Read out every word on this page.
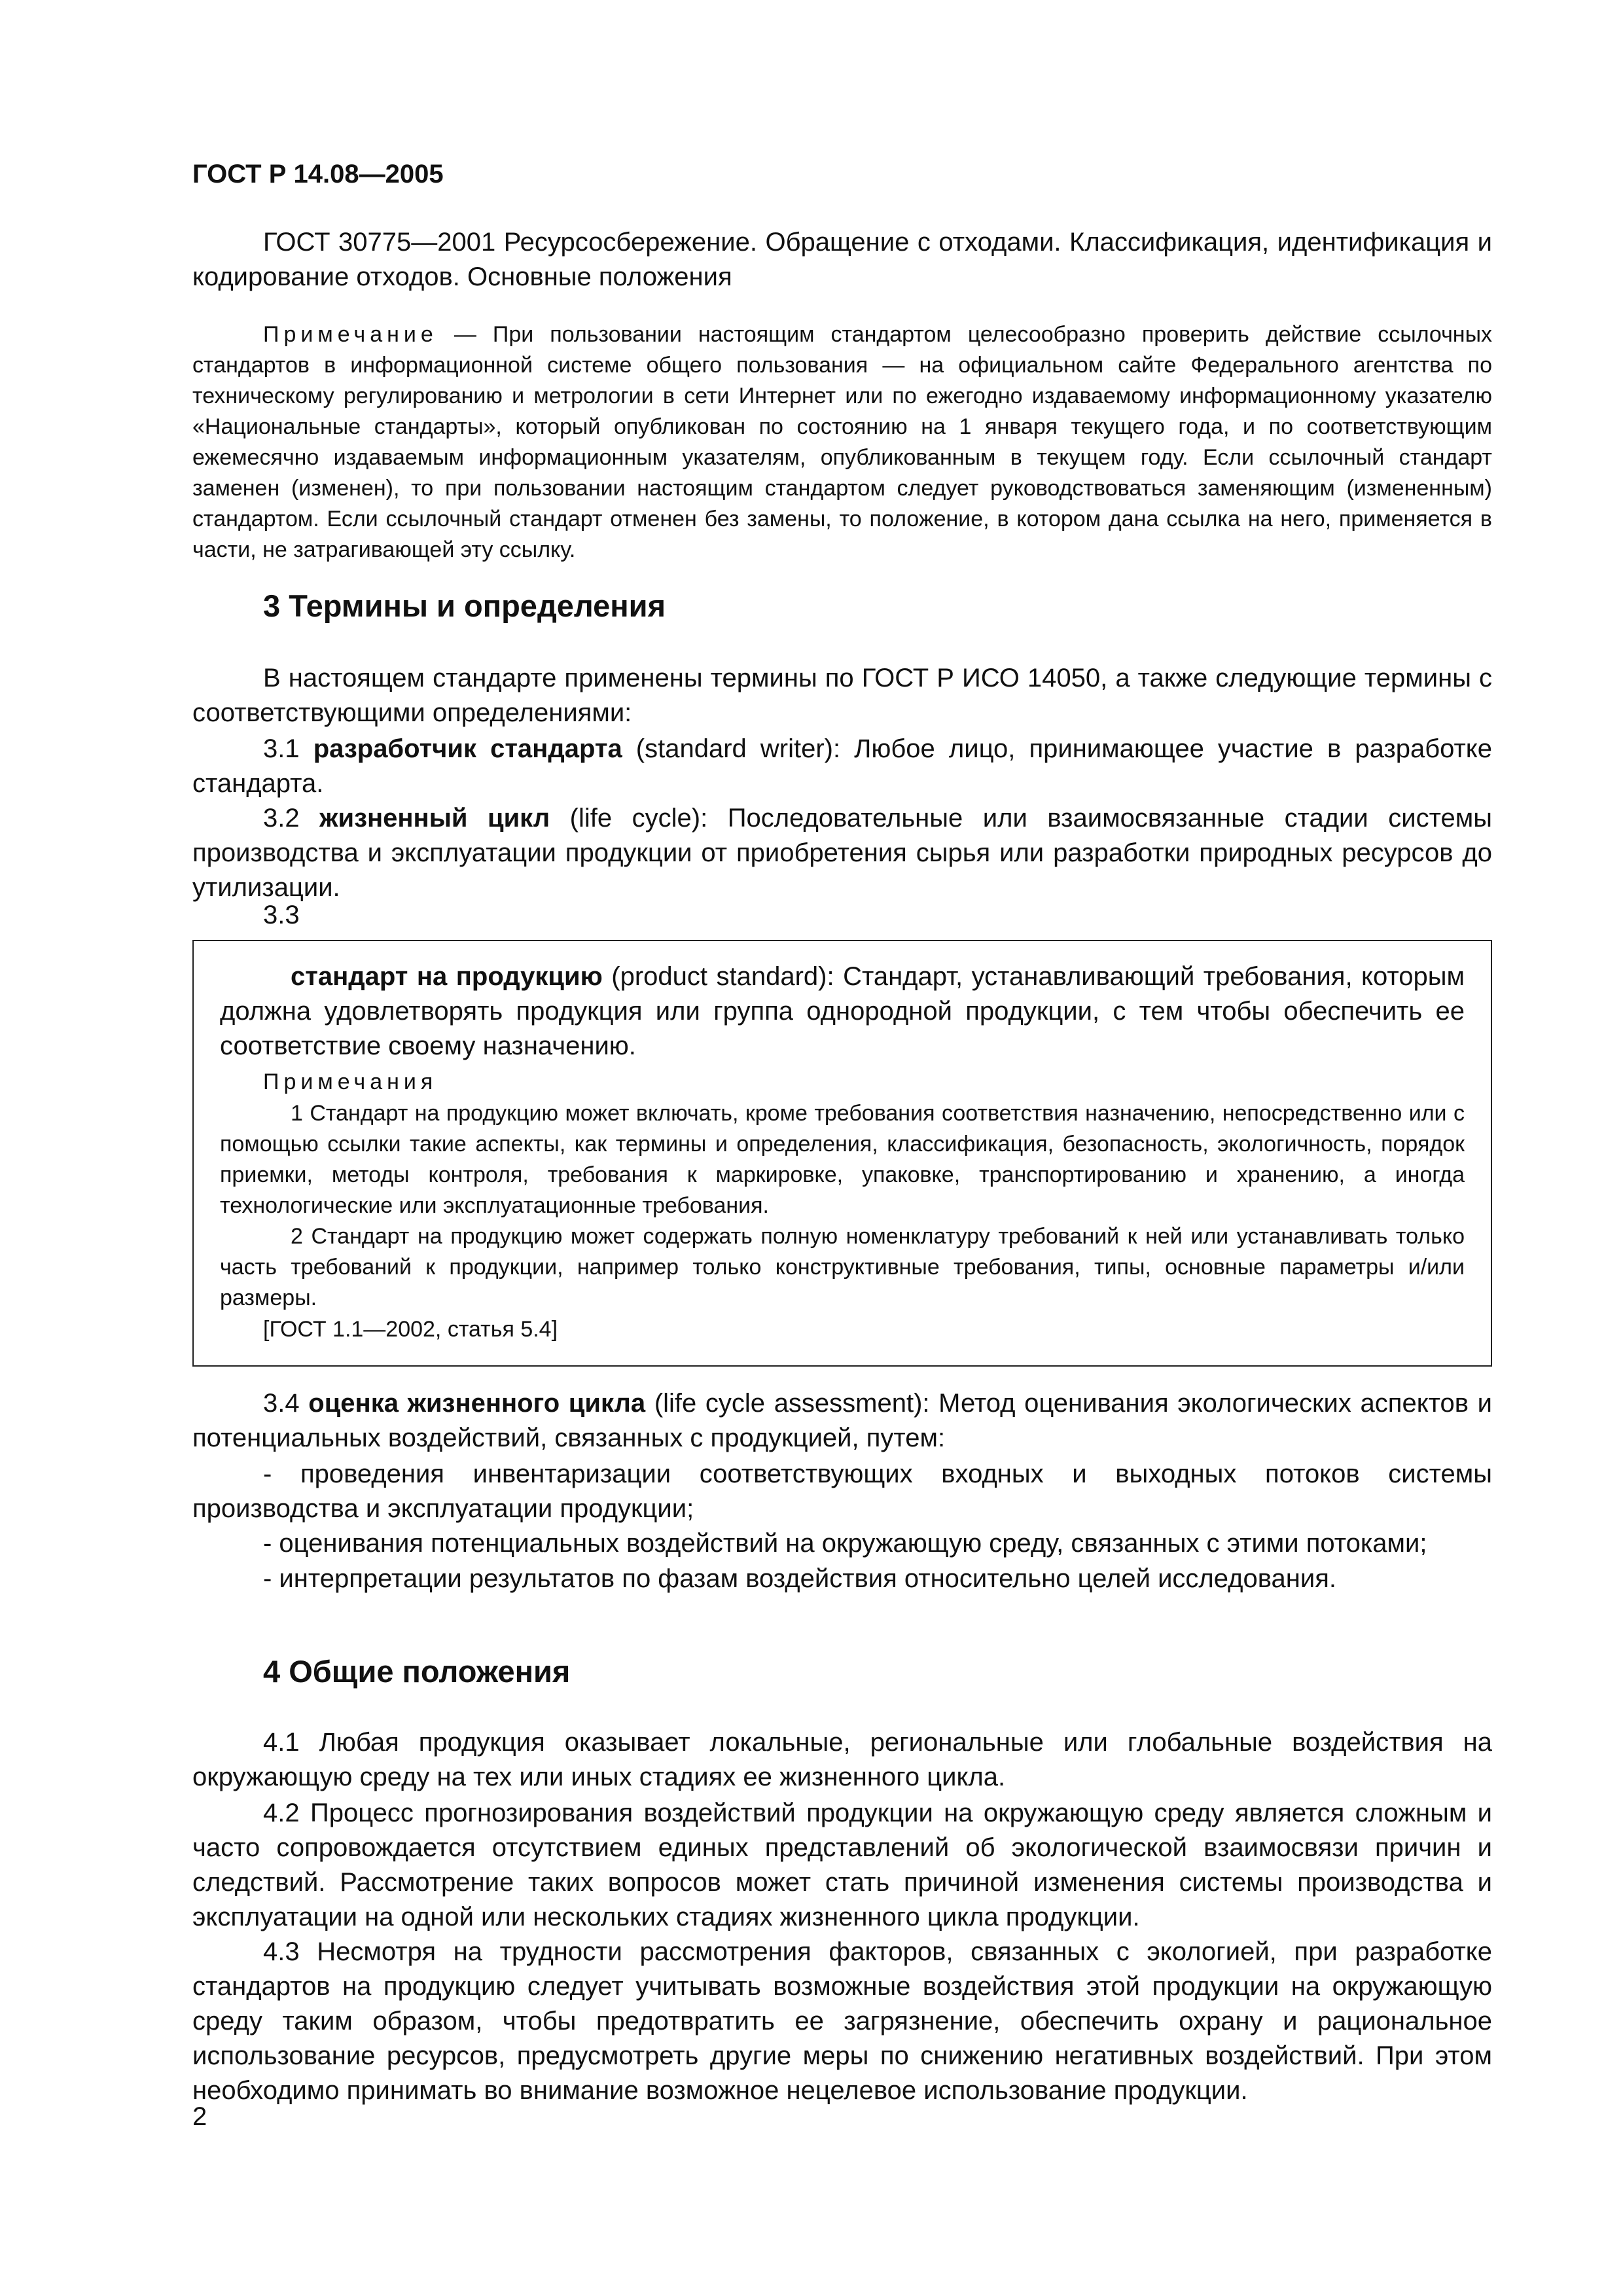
ГОСТ Р 14.08—2005

ГОСТ 30775—2001 Ресурсосбережение. Обращение с отходами. Классификация, идентификация и кодирование отходов. Основные положения

Примечание — При пользовании настоящим стандартом целесообразно проверить действие ссылочных стандартов в информационной системе общего пользования — на официальном сайте Федерального агентства по техническому регулированию и метрологии в сети Интернет или по ежегодно издаваемому информационному указателю «Национальные стандарты», который опубликован по состоянию на 1 января текущего года, и по соответствующим ежемесячно издаваемым информационным указателям, опубликованным в текущем году. Если ссылочный стандарт заменен (изменен), то при пользовании настоящим стандартом следует руководствоваться заменяющим (измененным) стандартом. Если ссылочный стандарт отменен без замены, то положение, в котором дана ссылка на него, применяется в части, не затрагивающей эту ссылку.

3 Термины и определения

В настоящем стандарте применены термины по ГОСТ Р ИСО 14050, а также следующие термины с соответствующими определениями:

3.1 разработчик стандарта (standard writer): Любое лицо, принимающее участие в разработке стандарта.

3.2 жизненный цикл (life cycle): Последовательные или взаимосвязанные стадии системы производства и эксплуатации продукции от приобретения сырья или разработки природных ресурсов до утилизации.

3.3

стандарт на продукцию (product standard): Стандарт, устанавливающий требования, которым должна удовлетворять продукция или группа однородной продукции, с тем чтобы обеспечить ее соответствие своему назначению.

Примечания

1 Стандарт на продукцию может включать, кроме требования соответствия назначению, непосредственно или с помощью ссылки такие аспекты, как термины и определения, классификация, безопасность, экологичность, порядок приемки, методы контроля, требования к маркировке, упаковке, транспортированию и хранению, а иногда технологические или эксплуатационные требования.

2 Стандарт на продукцию может содержать полную номенклатуру требований к ней или устанавливать только часть требований к продукции, например только конструктивные требования, типы, основные параметры и/или размеры.

[ГОСТ 1.1—2002, статья 5.4]

3.4 оценка жизненного цикла (life cycle assessment): Метод оценивания экологических аспектов и потенциальных воздействий, связанных с продукцией, путем:

- проведения инвентаризации соответствующих входных и выходных потоков системы производства и эксплуатации продукции;

- оценивания потенциальных воздействий на окружающую среду, связанных с этими потоками;

- интерпретации результатов по фазам воздействия относительно целей исследования.

4 Общие положения

4.1 Любая продукция оказывает локальные, региональные или глобальные воздействия на окружающую среду на тех или иных стадиях ее жизненного цикла.

4.2 Процесс прогнозирования воздействий продукции на окружающую среду является сложным и часто сопровождается отсутствием единых представлений об экологической взаимосвязи причин и следствий. Рассмотрение таких вопросов может стать причиной изменения системы производства и эксплуатации на одной или нескольких стадиях жизненного цикла продукции.

4.3 Несмотря на трудности рассмотрения факторов, связанных с экологией, при разработке стандартов на продукцию следует учитывать возможные воздействия этой продукции на окружающую среду таким образом, чтобы предотвратить ее загрязнение, обеспечить охрану и рациональное использование ресурсов, предусмотреть другие меры по снижению негативных воздействий. При этом необходимо принимать во внимание возможное нецелевое использование продукции.

2
